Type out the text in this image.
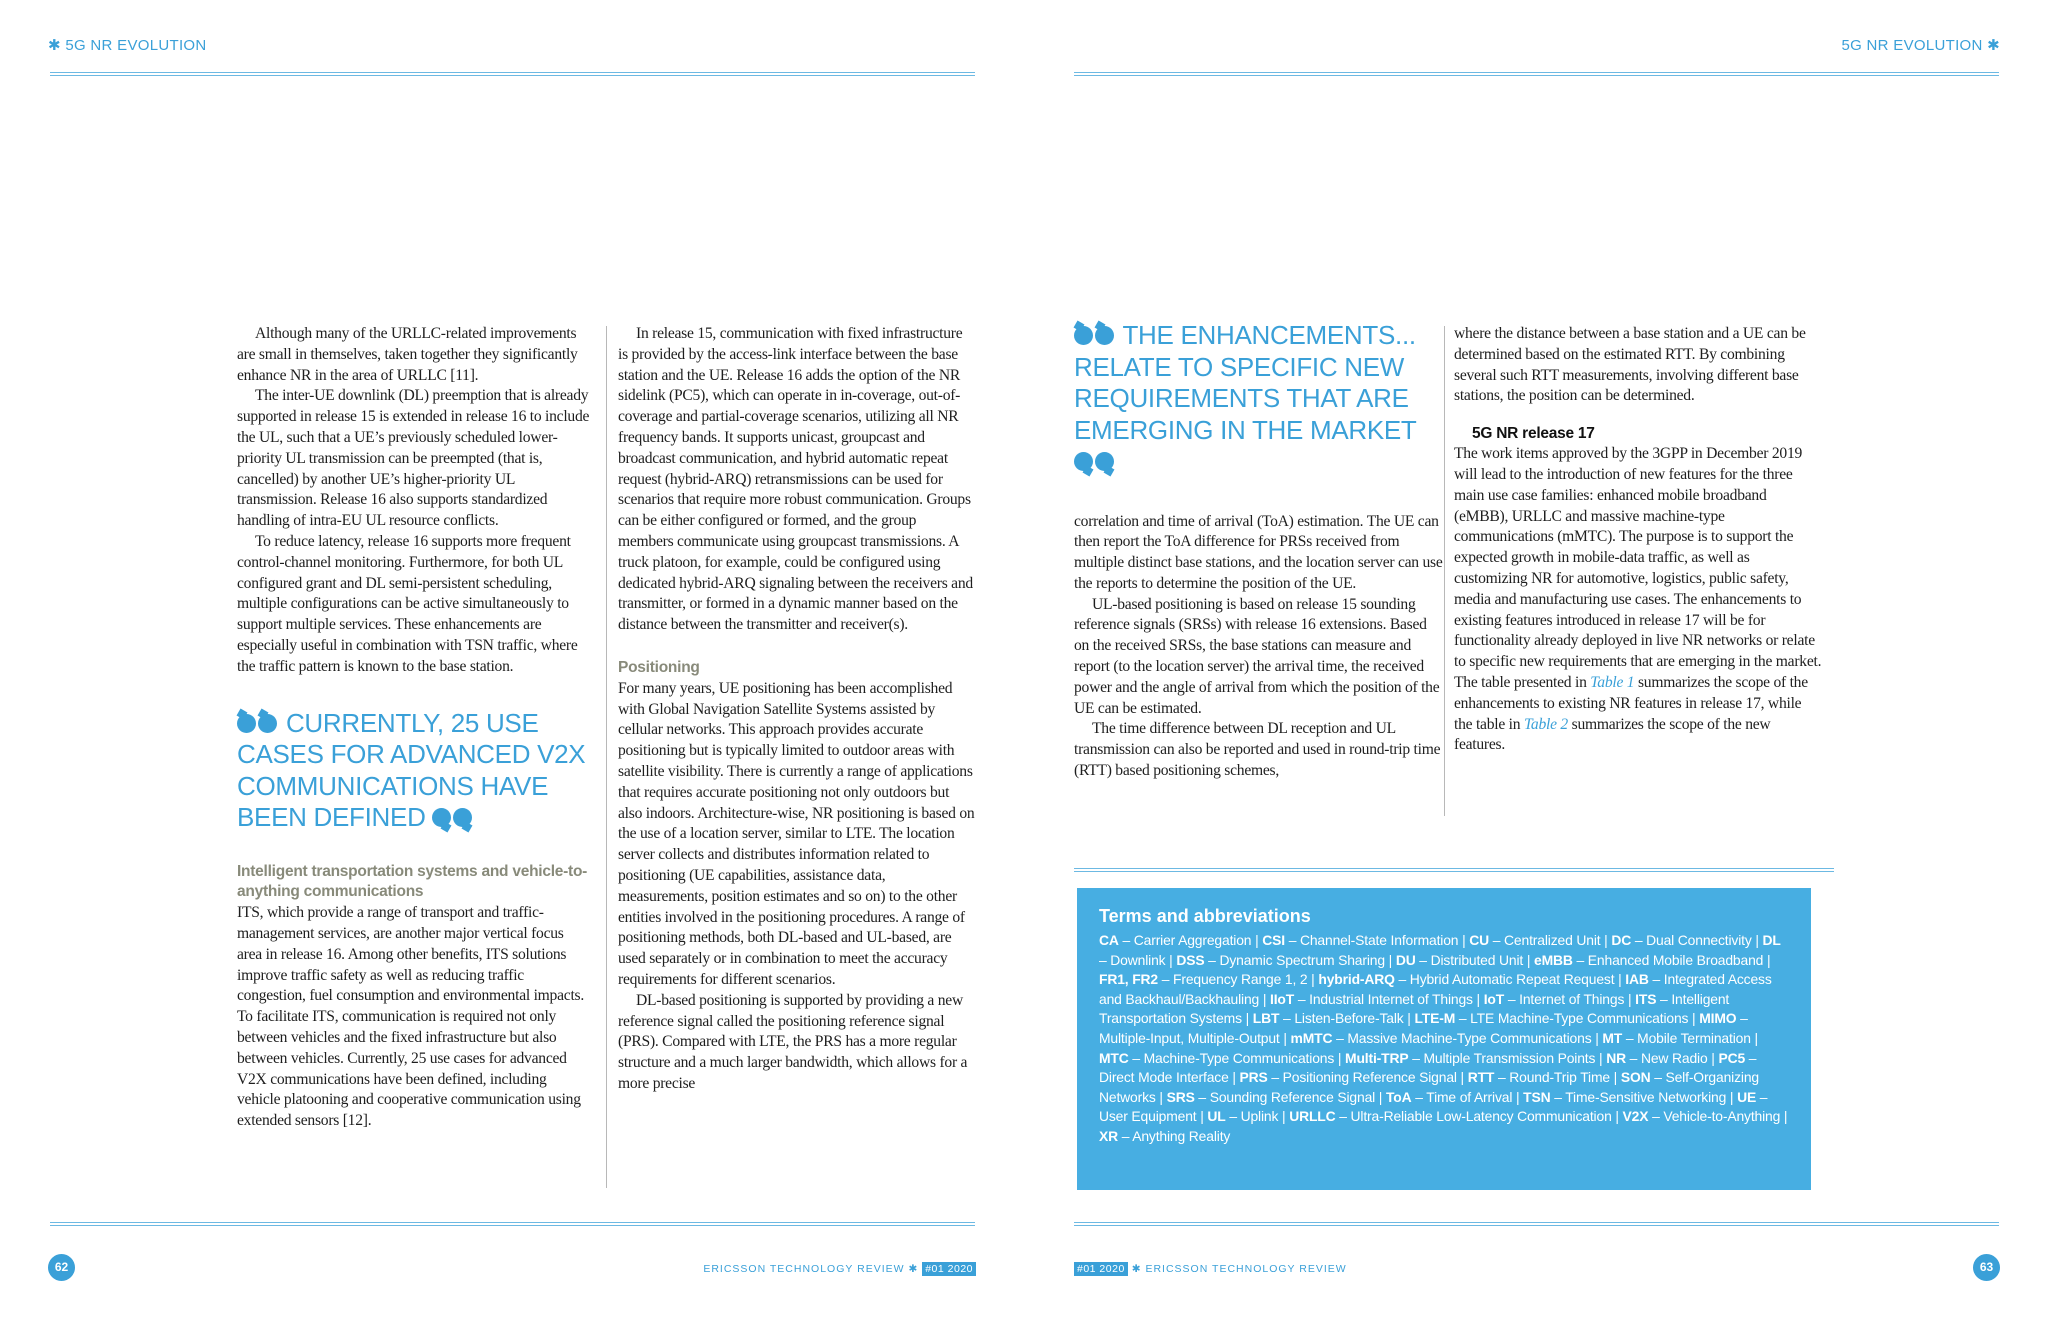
✱ 5G NR EVOLUTION

Although many of the URLLC-related improvements are small in themselves, taken together they significantly enhance NR in the area of URLLC [11].

The inter-UE downlink (DL) preemption that is already supported in release 15 is extended in release 16 to include the UL, such that a UE’s previously scheduled lower-priority UL transmission can be preempted (that is, cancelled) by another UE’s higher-priority UL transmission. Release 16 also supports standardized handling of intra-EU UL resource conflicts.

To reduce latency, release 16 supports more frequent control-channel monitoring. Furthermore, for both UL configured grant and DL semi-persistent scheduling, multiple configurations can be active simultaneously to support multiple services. These enhancements are especially useful in combination with TSN traffic, where the traffic pattern is known to the base station.

CURRENTLY, 25 USE CASES FOR ADVANCED V2X COMMUNICATIONS HAVE BEEN DEFINED

Intelligent transportation systems and vehicle-to-anything communications

ITS, which provide a range of transport and traffic-management services, are another major vertical focus area in release 16. Among other benefits, ITS solutions improve traffic safety as well as reducing traffic congestion, fuel consumption and environmental impacts. To facilitate ITS, communication is required not only between vehicles and the fixed infrastructure but also between vehicles. Currently, 25 use cases for advanced V2X communications have been defined, including vehicle platooning and cooperative communication using extended sensors [12].

In release 15, communication with fixed infrastructure is provided by the access-link interface between the base station and the UE. Release 16 adds the option of the NR sidelink (PC5), which can operate in in-coverage, out-of-coverage and partial-coverage scenarios, utilizing all NR frequency bands. It supports unicast, groupcast and broadcast communication, and hybrid automatic repeat request (hybrid-ARQ) retransmissions can be used for scenarios that require more robust communication. Groups can be either configured or formed, and the group members communicate using groupcast transmissions. A truck platoon, for example, could be configured using dedicated hybrid-ARQ signaling between the receivers and transmitter, or formed in a dynamic manner based on the distance between the transmitter and receiver(s).

Positioning

For many years, UE positioning has been accomplished with Global Navigation Satellite Systems assisted by cellular networks. This approach provides accurate positioning but is typically limited to outdoor areas with satellite visibility. There is currently a range of applications that requires accurate positioning not only outdoors but also indoors. Architecture-wise, NR positioning is based on the use of a location server, similar to LTE. The location server collects and distributes information related to positioning (UE capabilities, assistance data, measurements, position estimates and so on) to the other entities involved in the positioning procedures. A range of positioning methods, both DL-based and UL-based, are used separately or in combination to meet the accuracy requirements for different scenarios.

DL-based positioning is supported by providing a new reference signal called the positioning reference signal (PRS). Compared with LTE, the PRS has a more regular structure and a much larger bandwidth, which allows for a more precise

62	ERICSSON TECHNOLOGY REVIEW ✱ #01 2020
5G NR EVOLUTION ✱
THE ENHANCEMENTS... RELATE TO SPECIFIC NEW REQUIREMENTS THAT ARE EMERGING IN THE MARKET

correlation and time of arrival (ToA) estimation. The UE can then report the ToA difference for PRSs received from multiple distinct base stations, and the location server can use the reports to determine the position of the UE.

UL-based positioning is based on release 15 sounding reference signals (SRSs) with release 16 extensions. Based on the received SRSs, the base stations can measure and report (to the location server) the arrival time, the received power and the angle of arrival from which the position of the UE can be estimated.

The time difference between DL reception and UL transmission can also be reported and used in round-trip time (RTT) based positioning schemes,

where the distance between a base station and a UE can be determined based on the estimated RTT. By combining several such RTT measurements, involving different base stations, the position can be determined.

5G NR release 17

The work items approved by the 3GPP in December 2019 will lead to the introduction of new features for the three main use case families: enhanced mobile broadband (eMBB), URLLC and massive machine-type communications (mMTC). The purpose is to support the expected growth in mobile-data traffic, as well as customizing NR for automotive, logistics, public safety, media and manufacturing use cases. The enhancements to existing features introduced in release 17 will be for functionality already deployed in live NR networks or relate to specific new requirements that are emerging in the market.

The table presented in Table 1 summarizes the scope of the enhancements to existing NR features in release 17, while the table in Table 2 summarizes the scope of the new features.

#01 2020 ✱ ERICSSON TECHNOLOGY REVIEW	63
Terms and abbreviations
CA – Carrier Aggregation | CSI – Channel-State Information | CU – Centralized Unit | DC – Dual Connectivity | DL – Downlink | DSS – Dynamic Spectrum Sharing | DU – Distributed Unit | eMBB – Enhanced Mobile Broadband | FR1, FR2 – Frequency Range 1, 2 | hybrid-ARQ – Hybrid Automatic Repeat Request | IAB – Integrated Access and Backhaul/Backhauling | IIoT – Industrial Internet of Things | IoT – Internet of Things | ITS – Intelligent Transportation Systems | LBT – Listen-Before-Talk | LTE-M – LTE Machine-Type Communications | MIMO – Multiple-Input, Multiple-Output | mMTC – Massive Machine-Type Communications | MT – Mobile Termination | MTC – Machine-Type Communications | Multi-TRP – Multiple Transmission Points | NR – New Radio | PC5 – Direct Mode Interface | PRS – Positioning Reference Signal | RTT – Round-Trip Time | SON – Self-Organizing Networks | SRS – Sounding Reference Signal | ToA – Time of Arrival | TSN – Time-Sensitive Networking | UE – User Equipment | UL – Uplink | URLLC – Ultra-Reliable Low-Latency Communication | V2X – Vehicle-to-Anything | XR – Anything Reality
